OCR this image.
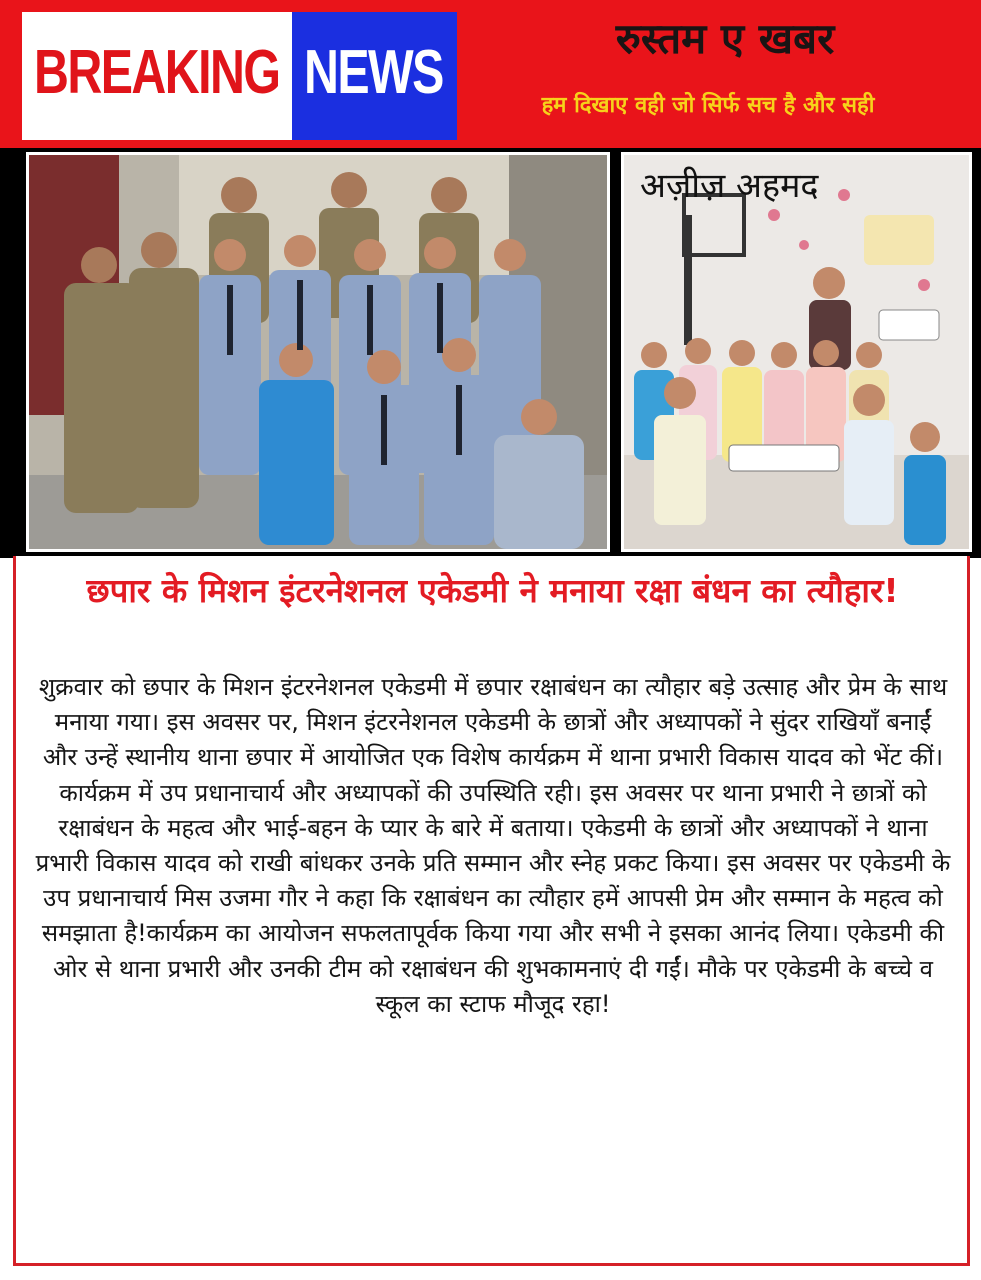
BREAKING NEWS	रुस्तम ए खबर
हम दिखाए वही जो सिर्फ सच है और सही
अज़ीज़ अहमद
छपार के मिशन इंटरनेशनल एकेडमी ने मनाया रक्षा बंधन का त्यौहार!
शुक्रवार को छपार के मिशन इंटरनेशनल एकेडमी में छपार रक्षाबंधन का त्यौहार बड़े उत्साह और प्रेम के साथ मनाया गया। इस अवसर पर, मिशन इंटरनेशनल एकेडमी के छात्रों और अध्यापकों ने सुंदर राखियाँ बनाईं और उन्हें स्थानीय थाना छपार में आयोजित एक विशेष कार्यक्रम में थाना प्रभारी विकास यादव को भेंट कीं। कार्यक्रम में उप प्रधानाचार्य और अध्यापकों की उपस्थिति रही। इस अवसर पर थाना प्रभारी ने छात्रों को रक्षाबंधन के महत्व और भाई-बहन के प्यार के बारे में बताया। एकेडमी के छात्रों और अध्यापकों ने थाना प्रभारी विकास यादव को राखी बांधकर उनके प्रति सम्मान और स्नेह प्रकट किया। इस अवसर पर एकेडमी के उप प्रधानाचार्य मिस उजमा गौर ने कहा कि रक्षाबंधन का त्यौहार हमें आपसी प्रेम और सम्मान के महत्व को समझाता है!कार्यक्रम का आयोजन सफलतापूर्वक किया गया और सभी ने इसका आनंद लिया। एकेडमी की ओर से थाना प्रभारी और उनकी टीम को रक्षाबंधन की शुभकामनाएं दी गईं। मौके पर एकेडमी के बच्चे व स्कूल का स्टाफ मौजूद रहा!
